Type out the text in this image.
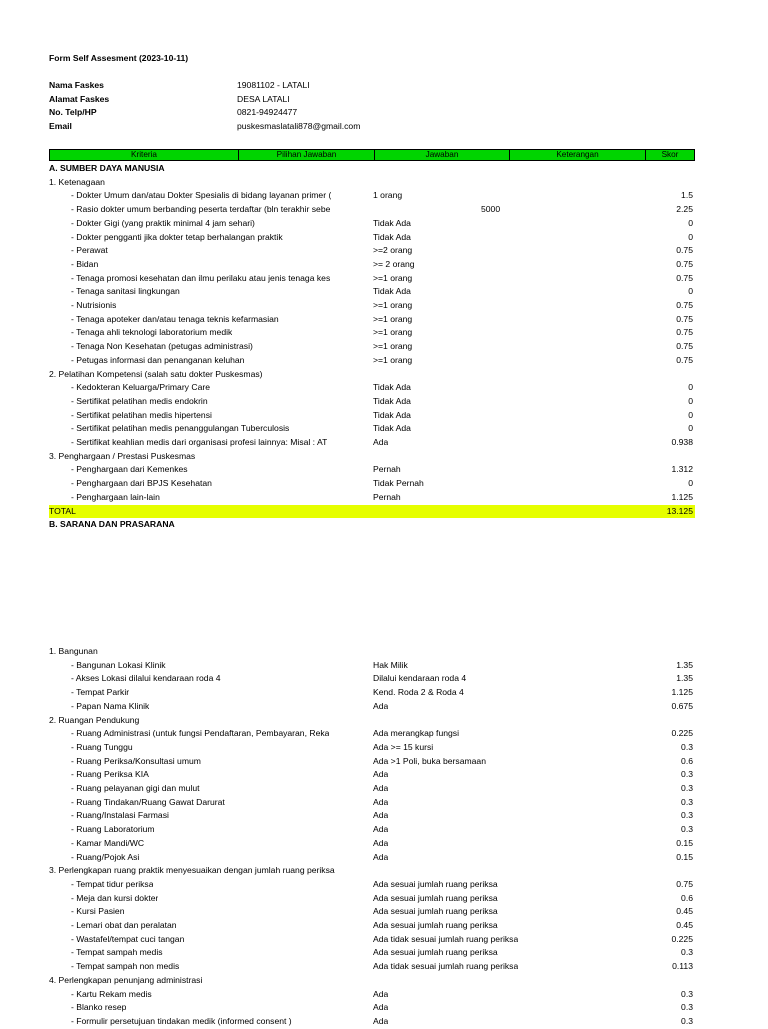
Form Self Assesment (2023-10-11)
Nama Faskes	19081102 - LATALI
Alamat Faskes	DESA LATALI
No. Telp/HP	0821-94924477
Email	puskesmaslatali878@gmail.com
Kriteria	Pilihan Jawaban	Jawaban	Keterangan	Skor
A. SUMBER DAYA MANUSIA
1. Ketenagaan
- Dokter Umum dan/atau Dokter Spesialis di bidang layanan primer (	1 orang	1.5
- Rasio dokter umum berbanding peserta terdaftar (bln terakhir sebe	5000	2.25
- Dokter Gigi (yang praktik minimal 4 jam sehari)	Tidak Ada	0
- Dokter pengganti jika dokter tetap berhalangan praktik	Tidak Ada	0
- Perawat	>=2 orang	0.75
- Bidan	>= 2 orang	0.75
- Tenaga promosi kesehatan dan ilmu perilaku atau jenis tenaga kes	>=1 orang	0.75
- Tenaga sanitasi lingkungan	Tidak Ada	0
- Nutrisionis	>=1 orang	0.75
- Tenaga apoteker dan/atau tenaga teknis kefarmasian	>=1 orang	0.75
- Tenaga ahli teknologi laboratorium medik	>=1 orang	0.75
- Tenaga Non Kesehatan (petugas administrasi)	>=1 orang	0.75
- Petugas informasi dan penanganan keluhan	>=1 orang	0.75
2. Pelatihan Kompetensi (salah satu dokter Puskesmas)
- Kedokteran Keluarga/Primary Care	Tidak Ada	0
- Sertifikat pelatihan medis endokrin	Tidak Ada	0
- Sertifikat pelatihan medis hipertensi	Tidak Ada	0
- Sertifikat pelatihan medis penanggulangan Tuberculosis	Tidak Ada	0
- Sertifikat keahlian medis dari organisasi profesi lainnya: Misal : AT	Ada	0.938
3. Penghargaan / Prestasi Puskesmas
- Penghargaan dari Kemenkes	Pernah	1.312
- Penghargaan dari BPJS Kesehatan	Tidak Pernah	0
- Penghargaan lain-lain	Pernah	1.125
TOTAL	13.125
B. SARANA DAN PRASARANA
1. Bangunan
- Bangunan Lokasi Klinik	Hak Milik	1.35
- Akses Lokasi dilalui kendaraan roda 4	Dilalui kendaraan roda 4	1.35
- Tempat Parkir	Kend. Roda 2 & Roda 4	1.125
- Papan Nama Klinik	Ada	0.675
2. Ruangan Pendukung
- Ruang Administrasi (untuk fungsi Pendaftaran, Pembayaran, Reka	Ada merangkap fungsi	0.225
- Ruang Tunggu	Ada >= 15 kursi	0.3
- Ruang Periksa/Konsultasi umum	Ada >1 Poli, buka bersamaan	0.6
- Ruang Periksa KIA	Ada	0.3
- Ruang pelayanan gigi dan mulut	Ada	0.3
- Ruang Tindakan/Ruang Gawat Darurat	Ada	0.3
- Ruang/Instalasi Farmasi	Ada	0.3
- Ruang Laboratorium	Ada	0.3
- Kamar Mandi/WC	Ada	0.15
- Ruang/Pojok Asi	Ada	0.15
3. Perlengkapan ruang praktik menyesuaikan dengan jumlah ruang periksa
- Tempat tidur periksa	Ada sesuai jumlah ruang periksa	0.75
- Meja dan kursi dokter	Ada sesuai jumlah ruang periksa	0.6
- Kursi Pasien	Ada sesuai jumlah ruang periksa	0.45
- Lemari obat dan peralatan	Ada sesuai jumlah ruang periksa	0.45
- Wastafel/tempat cuci tangan	Ada tidak sesuai jumlah ruang periksa	0.225
- Tempat sampah medis	Ada sesuai jumlah ruang periksa	0.3
- Tempat sampah non medis	Ada tidak sesuai jumlah ruang periksa	0.113
4. Perlengkapan penunjang administrasi
- Kartu Rekam medis	Ada	0.3
- Blanko resep	Ada	0.3
- Formulir persetujuan tindakan medik (informed consent )	Ada	0.3
